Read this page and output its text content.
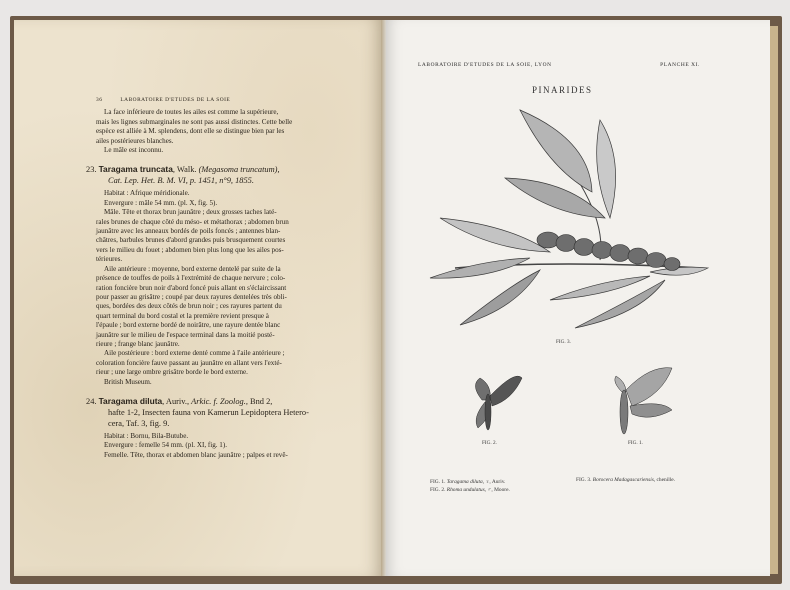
36	LABORATOIRE D'ETUDES DE LA SOIE

La face inférieure de toutes les ailes est comme la supérieure,

mais les lignes submarginales ne sont pas aussi distinctes. Cette belle

espèce est alliée à M. splendens, dont elle se distingue bien par les

ailes postérieures blanches.

Le mâle est inconnu.

23. Taragama truncata, Walk. (Megasoma truncatum),
Cat. Lep. Het. B. M. VI, p. 1451, n°9, 1855.

Habitat : Afrique méridionale.

Envergure : mâle 54 mm. (pl. X, fig. 5).

Mâle. Tête et thorax brun jaunâtre ; deux grosses taches laté-

rales brunes de chaque côté du méso- et métathorax ; abdomen brun

jaunâtre avec les anneaux bordés de poils foncés ; antennes blan-

châtres, barbules brunes d'abord grandes puis brusquement courtes

vers le milieu du fouet ; abdomen bien plus long que les ailes pos-

térieures.

Aile antérieure : moyenne, bord externe dentelé par suite de la

présence de touffes de poils à l'extrémité de chaque nervure ; colo-

ration foncière brun noir d'abord foncé puis allant en s'éclaircissant

pour passer au grisâtre ; coupé par deux rayures dentelées très obli-

ques, bordées des deux côtés de brun noir ; ces rayures partent du

quart terminal du bord costal et la première revient presque à

l'épaule ; bord externe bordé de noirâtre, une rayure dentée blanc

jaunâtre sur le milieu de l'espace terminal dans la moitié posté-

rieure ; frange blanc jaunâtre.

Aile postérieure : bord externe denté comme à l'aile antérieure ;

coloration foncière fauve passant au jaunâtre en allant vers l'exté-

rieur ; une large ombre grisâtre borde le bord externe.

British Museum.

24. Taragama diluta, Auriv., Arkic. f. Zoolog., Bnd 2,
hafte 1-2, Insecten fauna von Kamerun Lepidoptera Hetero-
cera, Taf. 3, fig. 9.

Habitat : Bornu, Bila-Butube.

Envergure : femelle 54 mm. (pl. XI, fig. 1).

Femelle. Tête, thorax et abdomen blanc jaunâtre ; palpes et revê-

LABORATOIRE D'ETUDES DE LA SOIE, LYON	PLANCHE XI.
PINARIDES
FIG. 3.
FIG. 2.	FIG. 1.
FIG. 1. Taragama diluta, ♀, Auriv.
FIG. 2. Rhoma undulatus, ♂, Moore.
FIG. 3. Borocera Madagascariensis, chenille.
